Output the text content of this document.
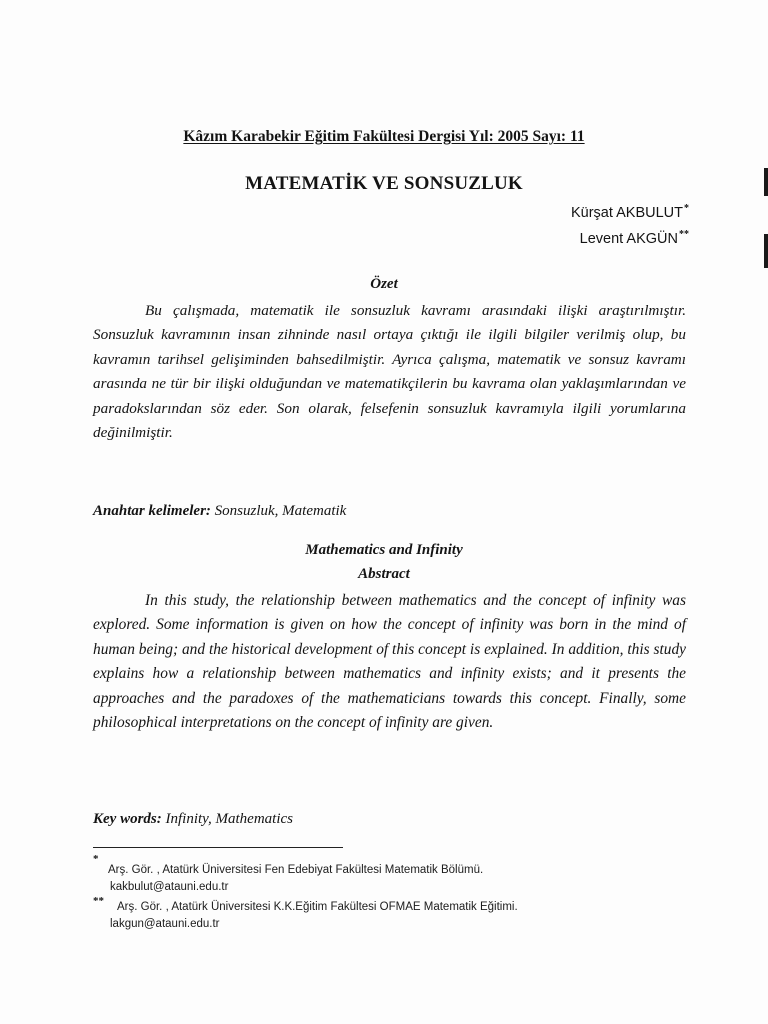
Kâzım Karabekir Eğitim Fakültesi Dergisi Yıl: 2005 Sayı: 11
MATEMATİK VE SONSUZLUK
Kürşat AKBULUT*
Levent AKGÜN**
Özet

Bu çalışmada, matematik ile sonsuzluk kavramı arasındaki ilişki araştırılmıştır. Sonsuzluk kavramının insan zihninde nasıl ortaya çıktığı ile ilgili bilgiler verilmiş olup, bu kavramın tarihsel gelişiminden bahsedilmiştir. Ayrıca çalışma, matematik ve sonsuz kavramı arasında ne tür bir ilişki olduğundan ve matematikçilerin bu kavrama olan yaklaşımlarından ve paradokslarından söz eder. Son olarak, felsefenin sonsuzluk kavramıyla ilgili yorumlarına değinilmiştir.

Anahtar kelimeler: Sonsuzluk, Matematik
Mathematics and Infinity
Abstract

In this study, the relationship between mathematics and the concept of infinity was explored. Some information is given on how the concept of infinity was born in the mind of human being; and the historical development of this concept is explained. In addition, this study explains how a relationship between mathematics and infinity exists; and it presents the approaches and the paradoxes of the mathematicians towards this concept. Finally, some philosophical interpretations on the concept of infinity are given.

Key words: Infinity, Mathematics
*
Arş. Gör. , Atatürk Üniversitesi Fen Edebiyat Fakültesi Matematik Bölümü.
kakbulut@atauni.edu.tr
** Arş. Gör. , Atatürk Üniversitesi K.K.Eğitim Fakültesi OFMAE Matematik Eğitimi.
lakgun@atauni.edu.tr
